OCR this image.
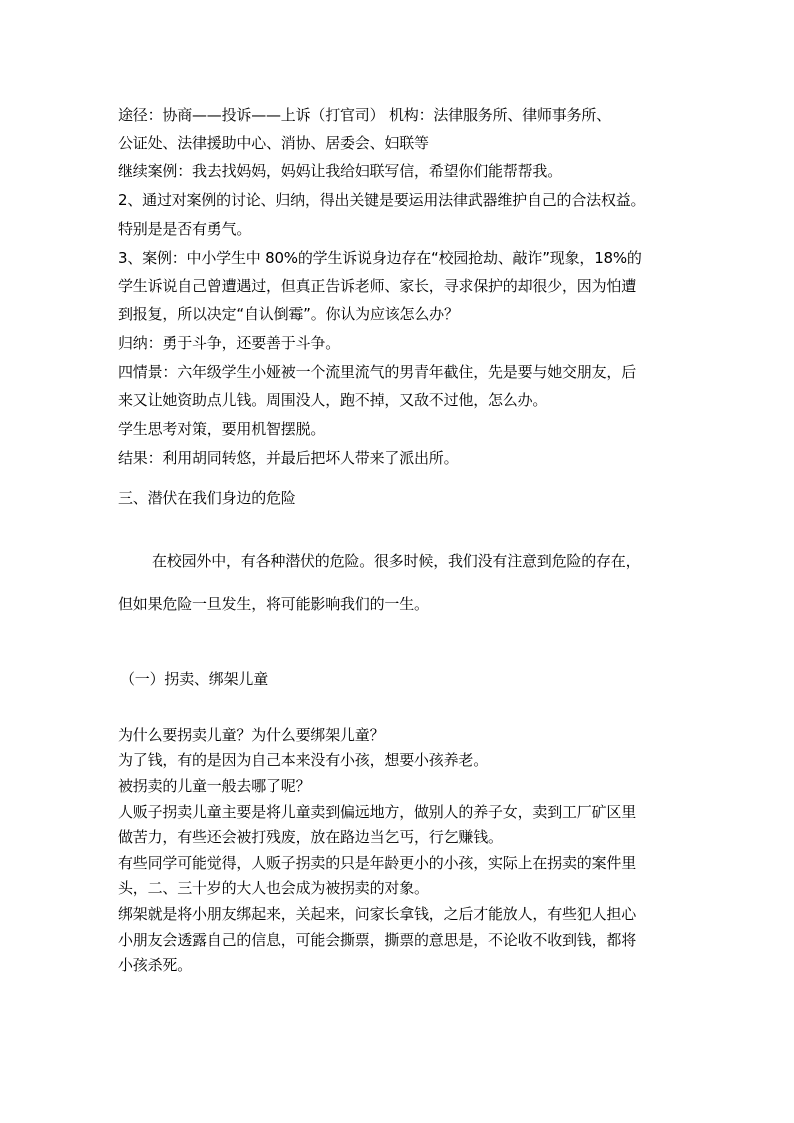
途径：协商——投诉——上诉（打官司） 机构：法律服务所、律师事务所、

公证处、法律援助中心、消协、居委会、妇联等

继续案例：我去找妈妈，妈妈让我给妇联写信，希望你们能帮帮我。

2、通过对案例的讨论、归纳，得出关键是要运用法律武器维护自己的合法权益。

特别是是否有勇气。

3、案例：中小学生中 80%的学生诉说身边存在“校园抢劫、敲诈”现象，18%的

学生诉说自己曾遭遇过，但真正告诉老师、家长，寻求保护的却很少，因为怕遭

到报复，所以决定“自认倒霉”。你认为应该怎么办？

归纳：勇于斗争，还要善于斗争。

四情景：六年级学生小娅被一个流里流气的男青年截住，先是要与她交朋友，后

来又让她资助点儿钱。周围没人，跑不掉，又敌不过他，怎么办。

学生思考对策，要用机智摆脱。

结果：利用胡同转悠，并最后把坏人带来了派出所。

三、潜伏在我们身边的危险

在校园外中，有各种潜伏的危险。很多时候，我们没有注意到危险的存在，

但如果危险一旦发生，将可能影响我们的一生。

（一）拐卖、绑架儿童

为什么要拐卖儿童？为什么要绑架儿童？

为了钱，有的是因为自己本来没有小孩，想要小孩养老。

被拐卖的儿童一般去哪了呢？

人贩子拐卖儿童主要是将儿童卖到偏远地方，做别人的养子女，卖到工厂矿区里

做苦力，有些还会被打残废，放在路边当乞丐，行乞赚钱。

有些同学可能觉得，人贩子拐卖的只是年龄更小的小孩，实际上在拐卖的案件里

头，二、三十岁的大人也会成为被拐卖的对象。

绑架就是将小朋友绑起来，关起来，问家长拿钱，之后才能放人，有些犯人担心

小朋友会透露自己的信息，可能会撕票，撕票的意思是，不论收不收到钱，都将

小孩杀死。
